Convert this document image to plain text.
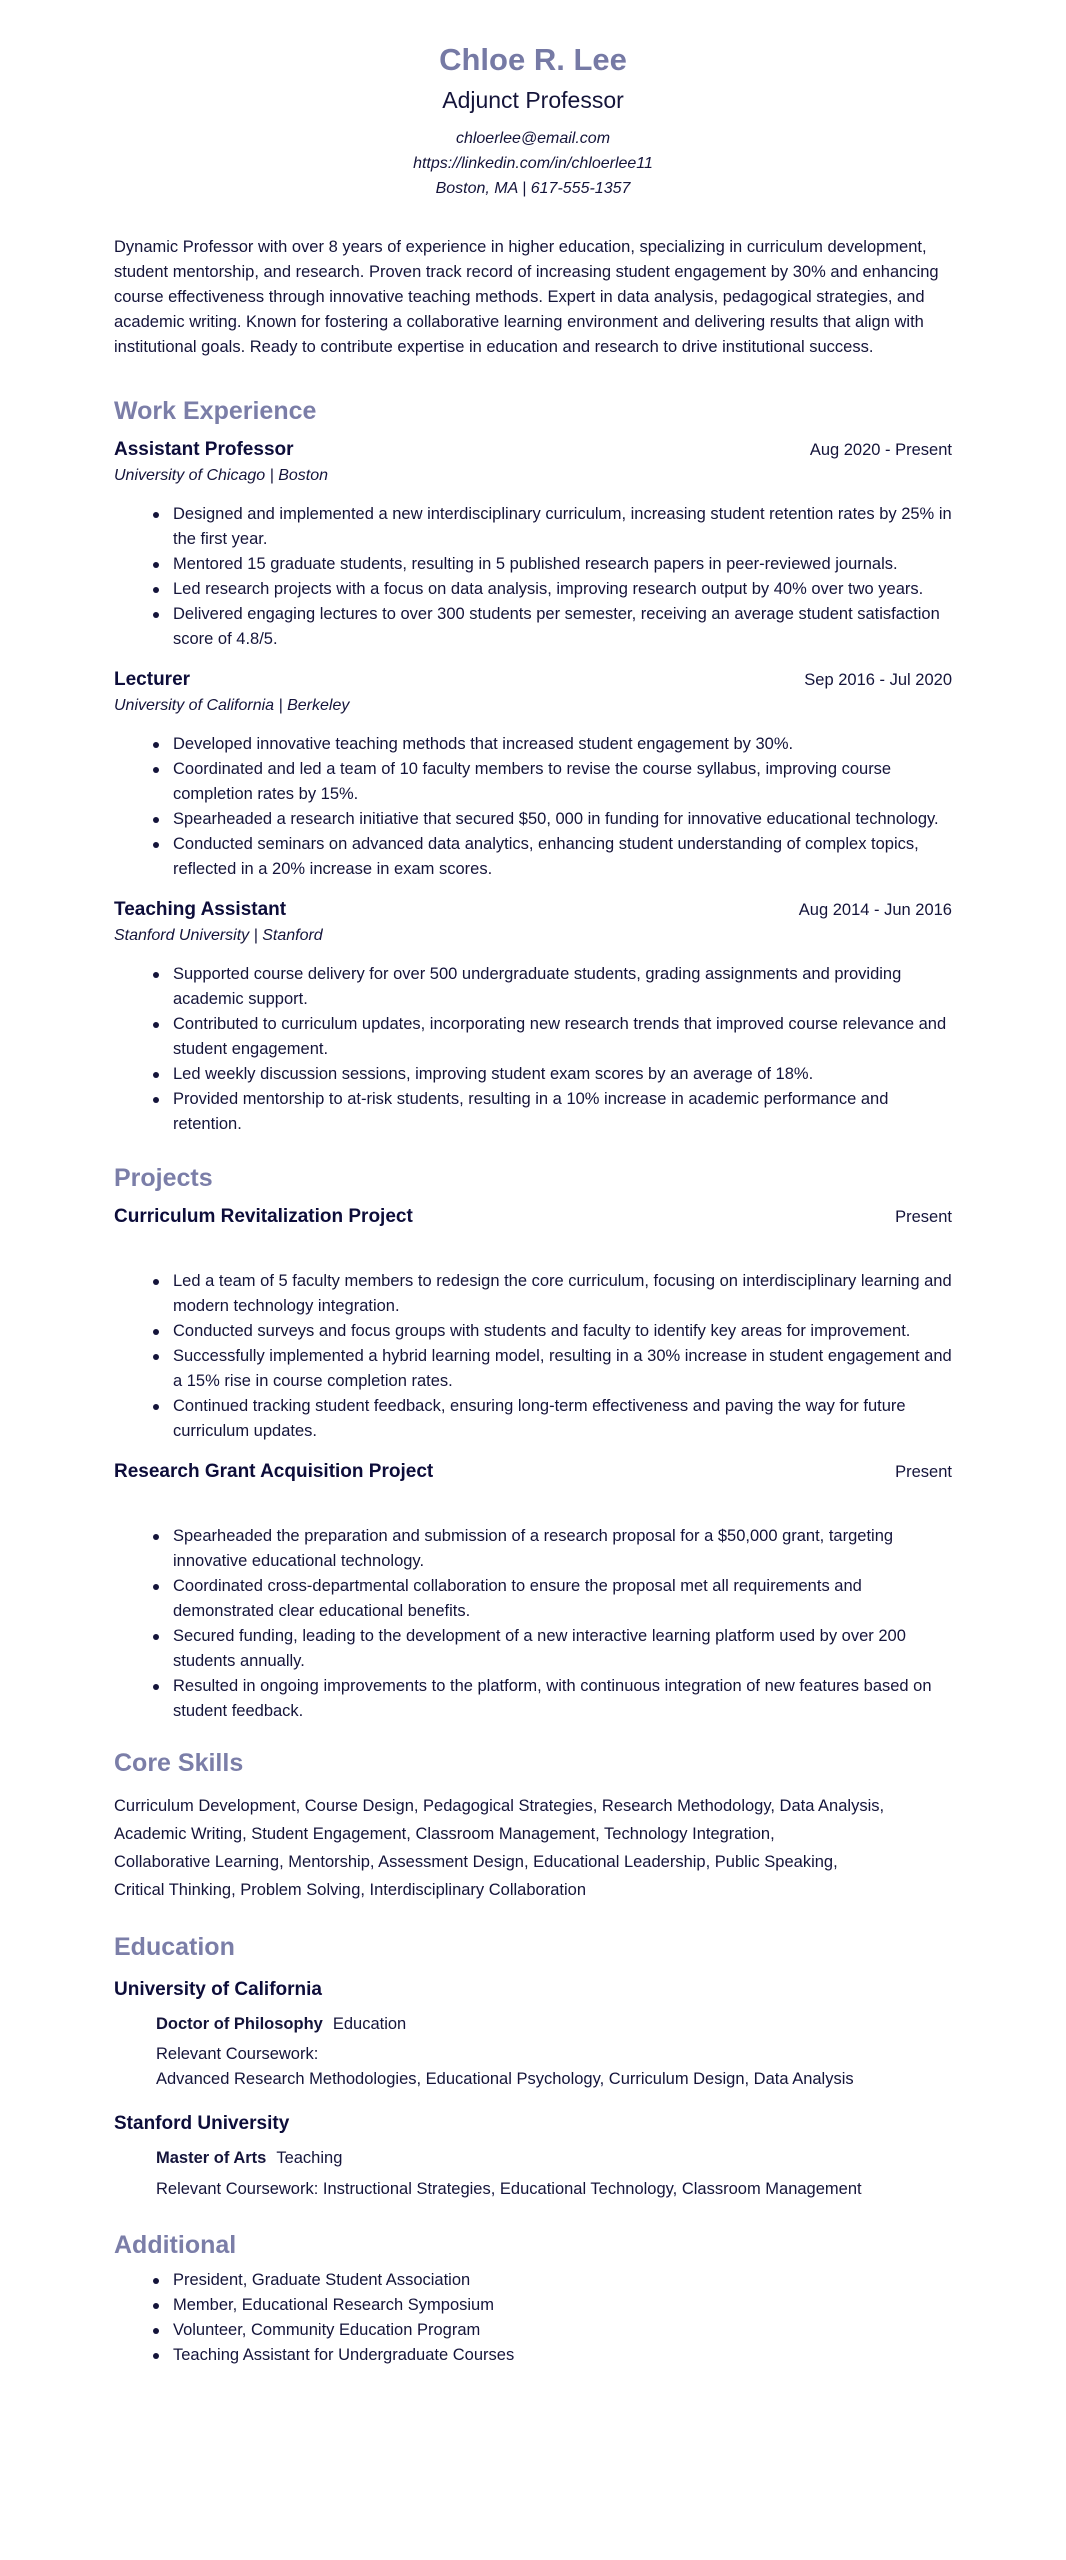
Chloe R. Lee
Adjunct Professor
chloerlee@email.com
https://linkedin.com/in/chloerlee11
Boston, MA | 617-555-1357

Dynamic Professor with over 8 years of experience in higher education, specializing in curriculum development, student mentorship, and research. Proven track record of increasing student engagement by 30% and enhancing course effectiveness through innovative teaching methods. Expert in data analysis, pedagogical strategies, and academic writing. Known for fostering a collaborative learning environment and delivering results that align with institutional goals. Ready to contribute expertise in education and research to drive institutional success.

Work Experience
Assistant Professor	Aug 2020 - Present
University of Chicago | Boston
Designed and implemented a new interdisciplinary curriculum, increasing student retention rates by 25% in the first year.
Mentored 15 graduate students, resulting in 5 published research papers in peer-reviewed journals.
Led research projects with a focus on data analysis, improving research output by 40% over two years.
Delivered engaging lectures to over 300 students per semester, receiving an average student satisfaction score of 4.8/5.
Lecturer	Sep 2016 - Jul 2020
University of California | Berkeley
Developed innovative teaching methods that increased student engagement by 30%.
Coordinated and led a team of 10 faculty members to revise the course syllabus, improving course completion rates by 15%.
Spearheaded a research initiative that secured $50, 000 in funding for innovative educational technology.
Conducted seminars on advanced data analytics, enhancing student understanding of complex topics, reflected in a 20% increase in exam scores.
Teaching Assistant	Aug 2014 - Jun 2016
Stanford University | Stanford
Supported course delivery for over 500 undergraduate students, grading assignments and providing academic support.
Contributed to curriculum updates, incorporating new research trends that improved course relevance and student engagement.
Led weekly discussion sessions, improving student exam scores by an average of 18%.
Provided mentorship to at-risk students, resulting in a 10% increase in academic performance and retention.
Projects
Curriculum Revitalization Project	Present
Led a team of 5 faculty members to redesign the core curriculum, focusing on interdisciplinary learning and modern technology integration.
Conducted surveys and focus groups with students and faculty to identify key areas for improvement.
Successfully implemented a hybrid learning model, resulting in a 30% increase in student engagement and a 15% rise in course completion rates.
Continued tracking student feedback, ensuring long-term effectiveness and paving the way for future curriculum updates.
Research Grant Acquisition Project	Present
Spearheaded the preparation and submission of a research proposal for a $50,000 grant, targeting innovative educational technology.
Coordinated cross-departmental collaboration to ensure the proposal met all requirements and demonstrated clear educational benefits.
Secured funding, leading to the development of a new interactive learning platform used by over 200 students annually.
Resulted in ongoing improvements to the platform, with continuous integration of new features based on student feedback.
Core Skills
Curriculum Development, Course Design, Pedagogical Strategies, Research Methodology, Data Analysis,
Academic Writing, Student Engagement, Classroom Management, Technology Integration,
Collaborative Learning, Mentorship, Assessment Design, Educational Leadership, Public Speaking,
Critical Thinking, Problem Solving, Interdisciplinary Collaboration
Education
University of California
Doctor of Philosophy Education
Relevant Coursework:
Advanced Research Methodologies, Educational Psychology, Curriculum Design, Data Analysis
Stanford University
Master of Arts Teaching
Relevant Coursework: Instructional Strategies, Educational Technology, Classroom Management
Additional
President, Graduate Student Association
Member, Educational Research Symposium
Volunteer, Community Education Program
Teaching Assistant for Undergraduate Courses
